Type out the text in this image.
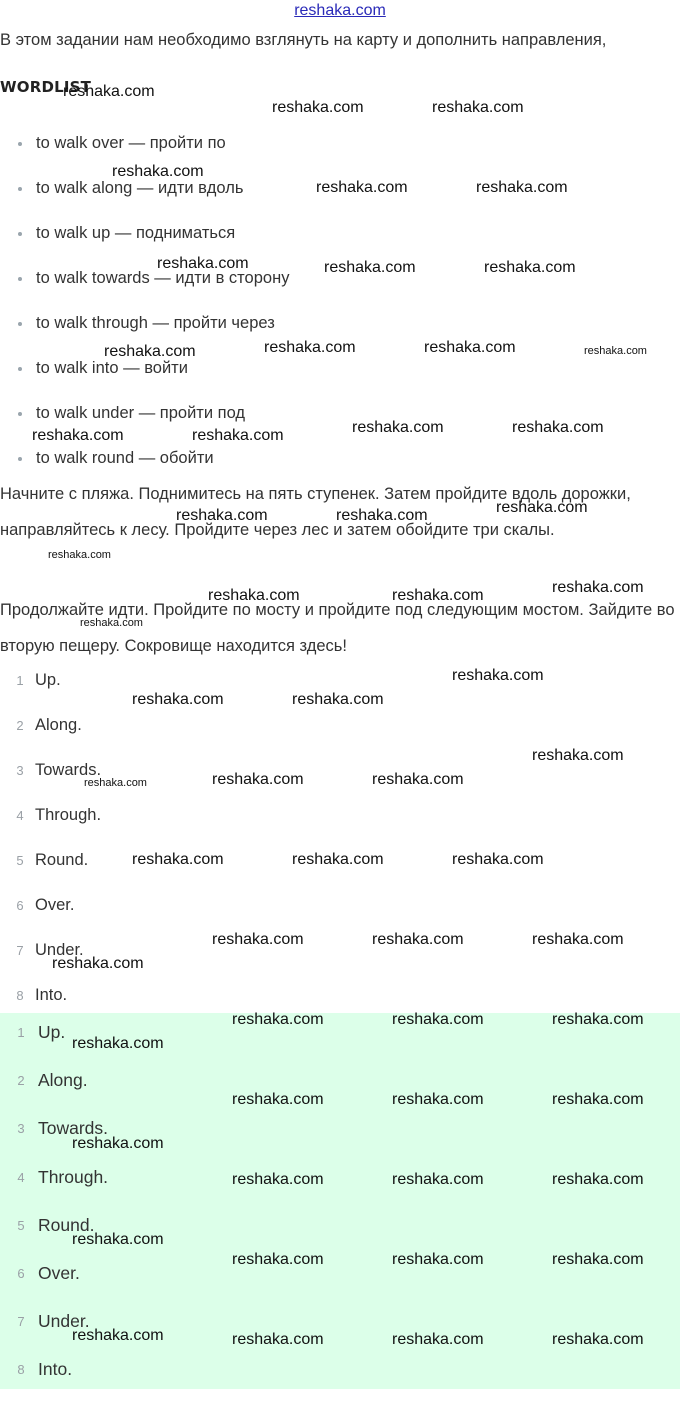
reshaka.com
В этом задании нам необходимо взглянуть на карту и дополнить направления,
WORDLIST
to walk over — пройти по
to walk along — идти вдоль
to walk up — подниматься
to walk towards — идти в сторону
to walk through — пройти через
to walk into — войти
to walk under — пройти под
to walk round — обойти
Начните с пляжа. Поднимитесь на пять ступенек. Затем пройдите вдоль дорожки, направляйтесь к лесу. Пройдите через лес и затем обойдите три скалы.
Продолжайте идти. Пройдите по мосту и пройдите под следующим мостом. Зайдите во вторую пещеру. Сокровище находится здесь!
1 Up.
2 Along.
3 Towards.
4 Through.
5 Round.
6 Over.
7 Under.
8 Into.
1 Up.
2 Along.
3 Towards.
4 Through.
5 Round.
6 Over.
7 Under.
8 Into.
reshaka.com
reshaka.com	reshaka.com
reshaka.com
reshaka.com	reshaka.com
reshaka.com	reshaka.com	reshaka.com
reshaka.com	reshaka.com	reshaka.com	reshaka.com
reshaka.com	reshaka.com	reshaka.com	reshaka.com
reshaka.com
reshaka.com	reshaka.com
reshaka.com
reshaka.com
reshaka.com	reshaka.com
reshaka.com
reshaka.com
reshaka.com	reshaka.com
reshaka.com
reshaka.com	reshaka.com	reshaka.com
reshaka.com	reshaka.com	reshaka.com
reshaka.com	reshaka.com	reshaka.com
reshaka.com
reshaka.com	reshaka.com	reshaka.com
reshaka.com
reshaka.com	reshaka.com	reshaka.com
reshaka.com
reshaka.com	reshaka.com	reshaka.com
reshaka.com
reshaka.com	reshaka.com	reshaka.com
reshaka.com	reshaka.com	reshaka.com	reshaka.com
